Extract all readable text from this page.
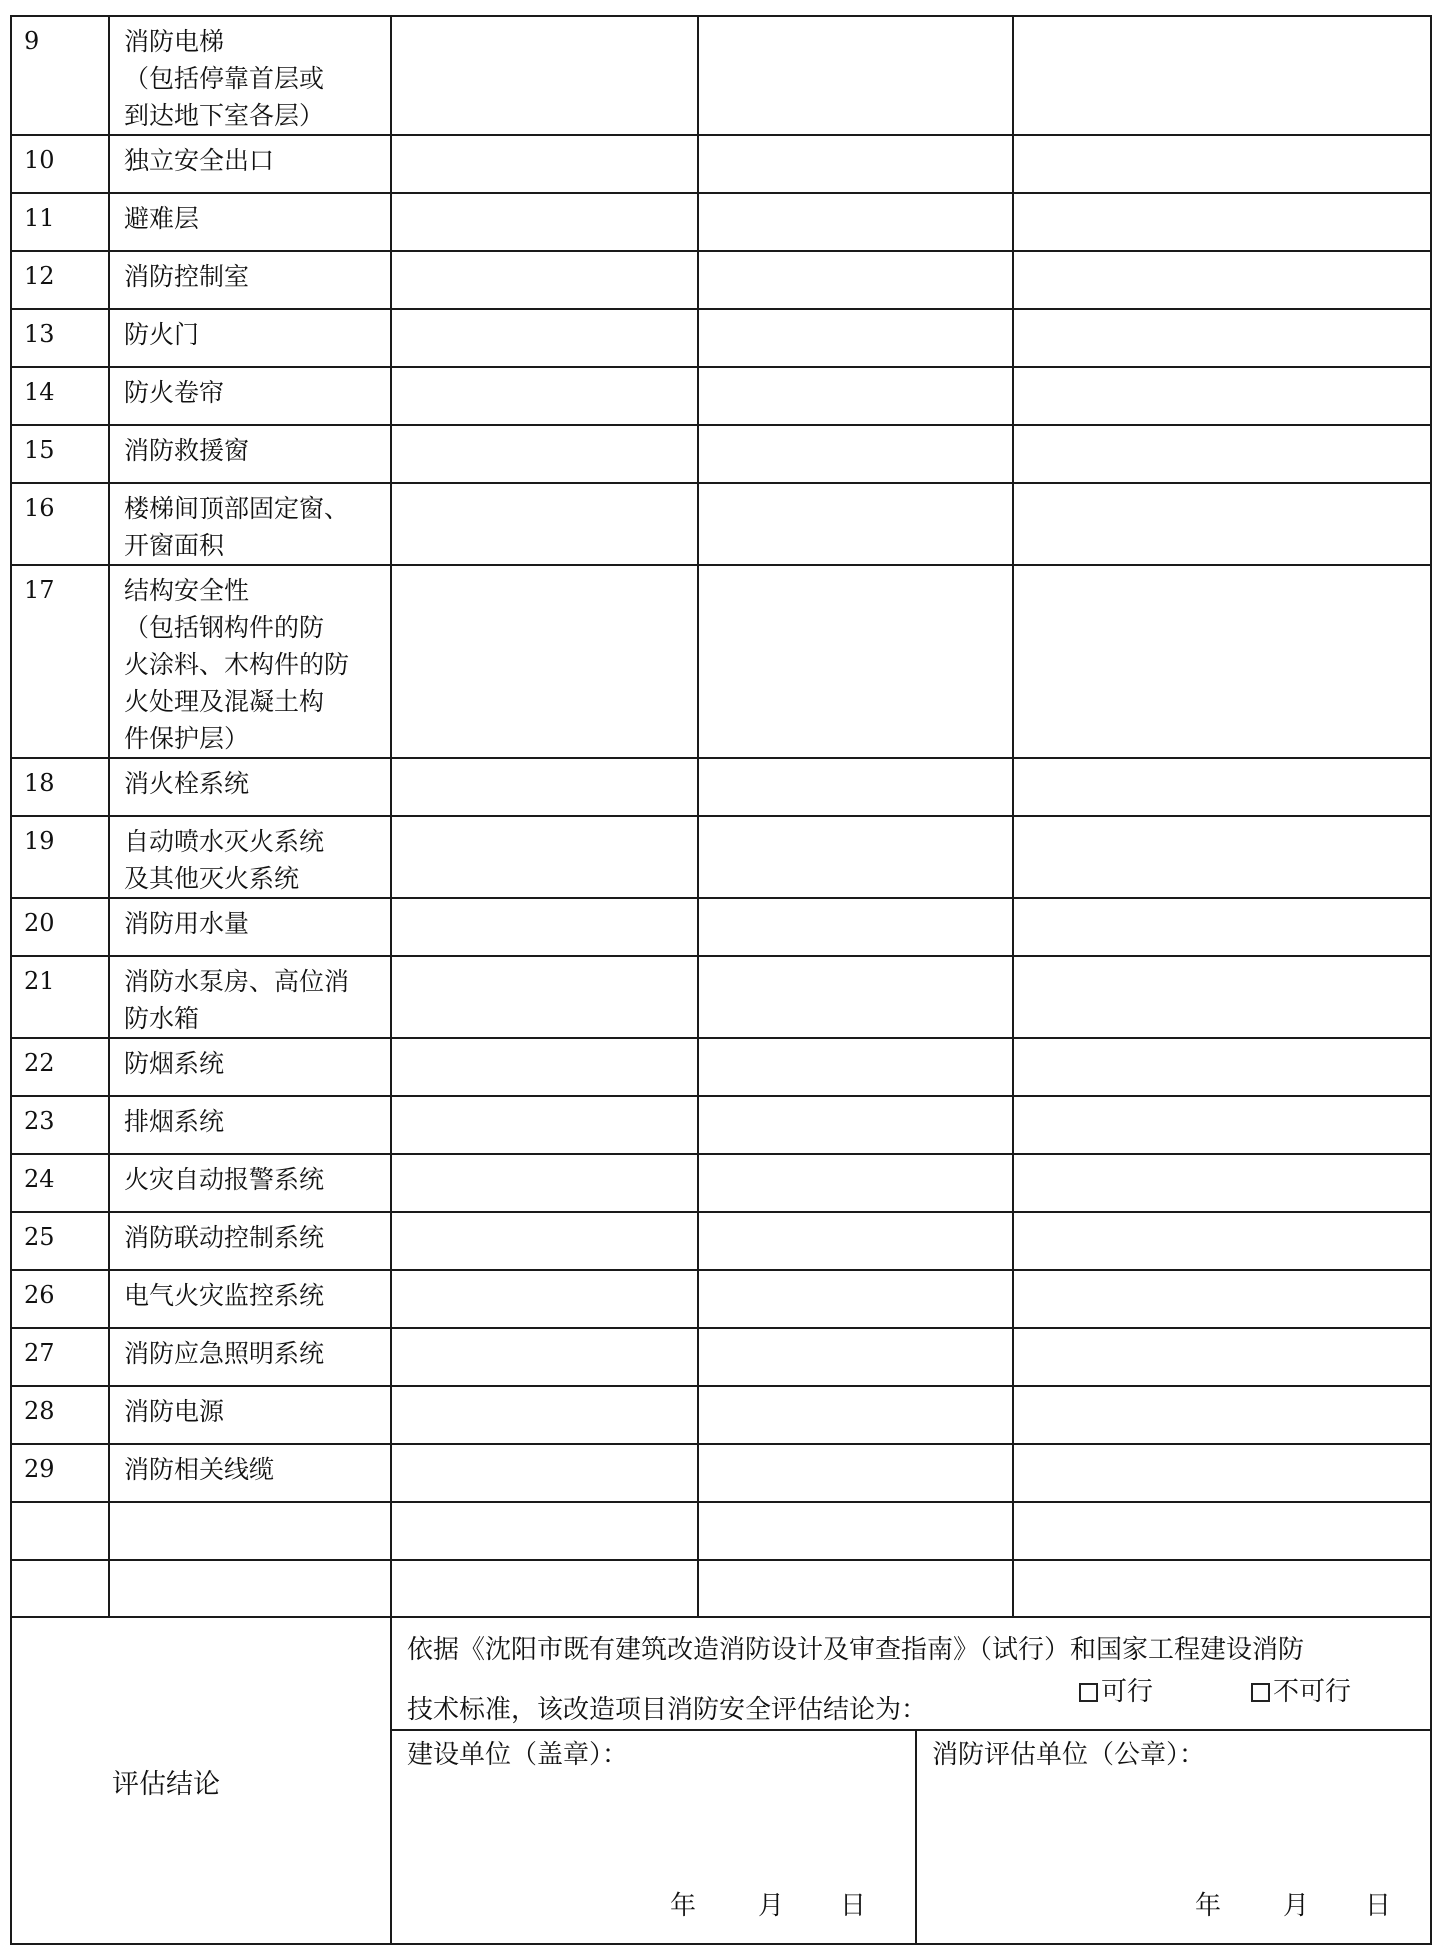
9	消防电梯
（包括停靠首层或
到达地下室各层）			

10	独立安全出口			

11	避难层			

12	消防控制室			

13	防火门			

14	防火卷帘			

15	消防救援窗			

16	楼梯间顶部固定窗、
开窗面积			

17	结构安全性
（包括钢构件的防
火涂料、木构件的防
火处理及混凝土构
件保护层）			

18	消火栓系统			

19	自动喷水灭火系统
及其他灭火系统			

20	消防用水量			

21	消防水泵房、高位消
防水箱			

22	防烟系统			

23	排烟系统			

24	火灾自动报警系统			

25	消防联动控制系统			

26	电气火灾监控系统			

27	消防应急照明系统			

28	消防电源			

29	消防相关线缆			

评估结论
依据《沈阳市既有建筑改造消防设计及审查指南》（试行）和国家工程建设消防
技术标准，该改造项目消防安全评估结论为：
可行	不可行
建设单位（盖章）：	消防评估单位（公章）：
年 月 日	年 月 日
